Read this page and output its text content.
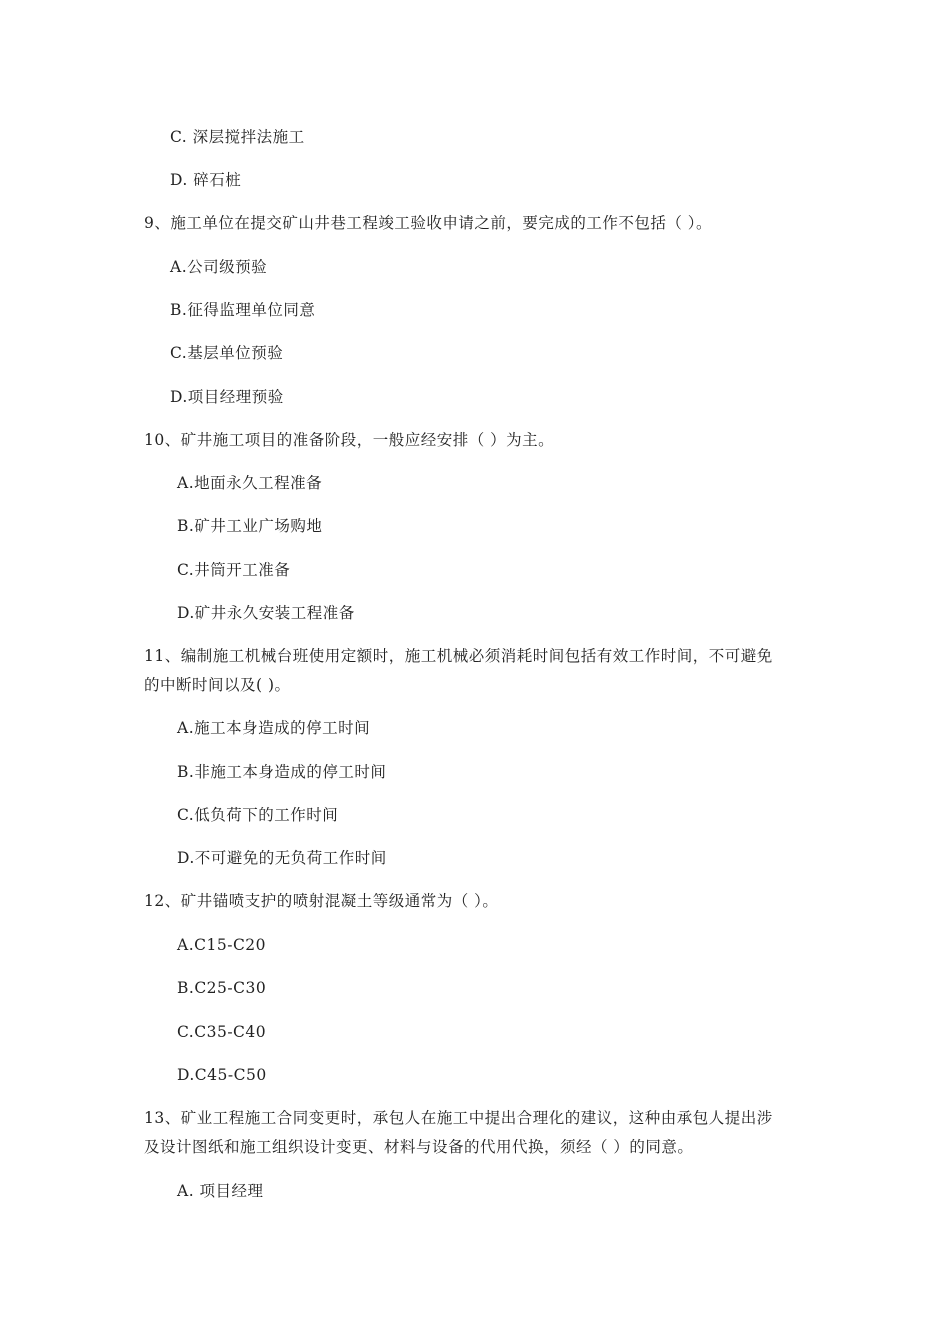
C. 深层搅拌法施工
D. 碎石桩
9、施工单位在提交矿山井巷工程竣工验收申请之前，要完成的工作不包括（ ）。
A.公司级预验
B.征得监理单位同意
C.基层单位预验
D.项目经理预验
10、矿井施工项目的准备阶段，一般应经安排（ ）为主。
A.地面永久工程准备
B.矿井工业广场购地
C.井筒开工准备
D.矿井永久安装工程准备
11、编制施工机械台班使用定额时，施工机械必须消耗时间包括有效工作时间，不可避免
的中断时间以及( )。
A.施工本身造成的停工时间
B.非施工本身造成的停工时间
C.低负荷下的工作时间
D.不可避免的无负荷工作时间
12、矿井锚喷支护的喷射混凝土等级通常为（ ）。
A.C15-C20
B.C25-C30
C.C35-C40
D.C45-C50
13、矿业工程施工合同变更时，承包人在施工中提出合理化的建议，这种由承包人提出涉
及设计图纸和施工组织设计变更、材料与设备的代用代换，须经（ ）的同意。
A. 项目经理
